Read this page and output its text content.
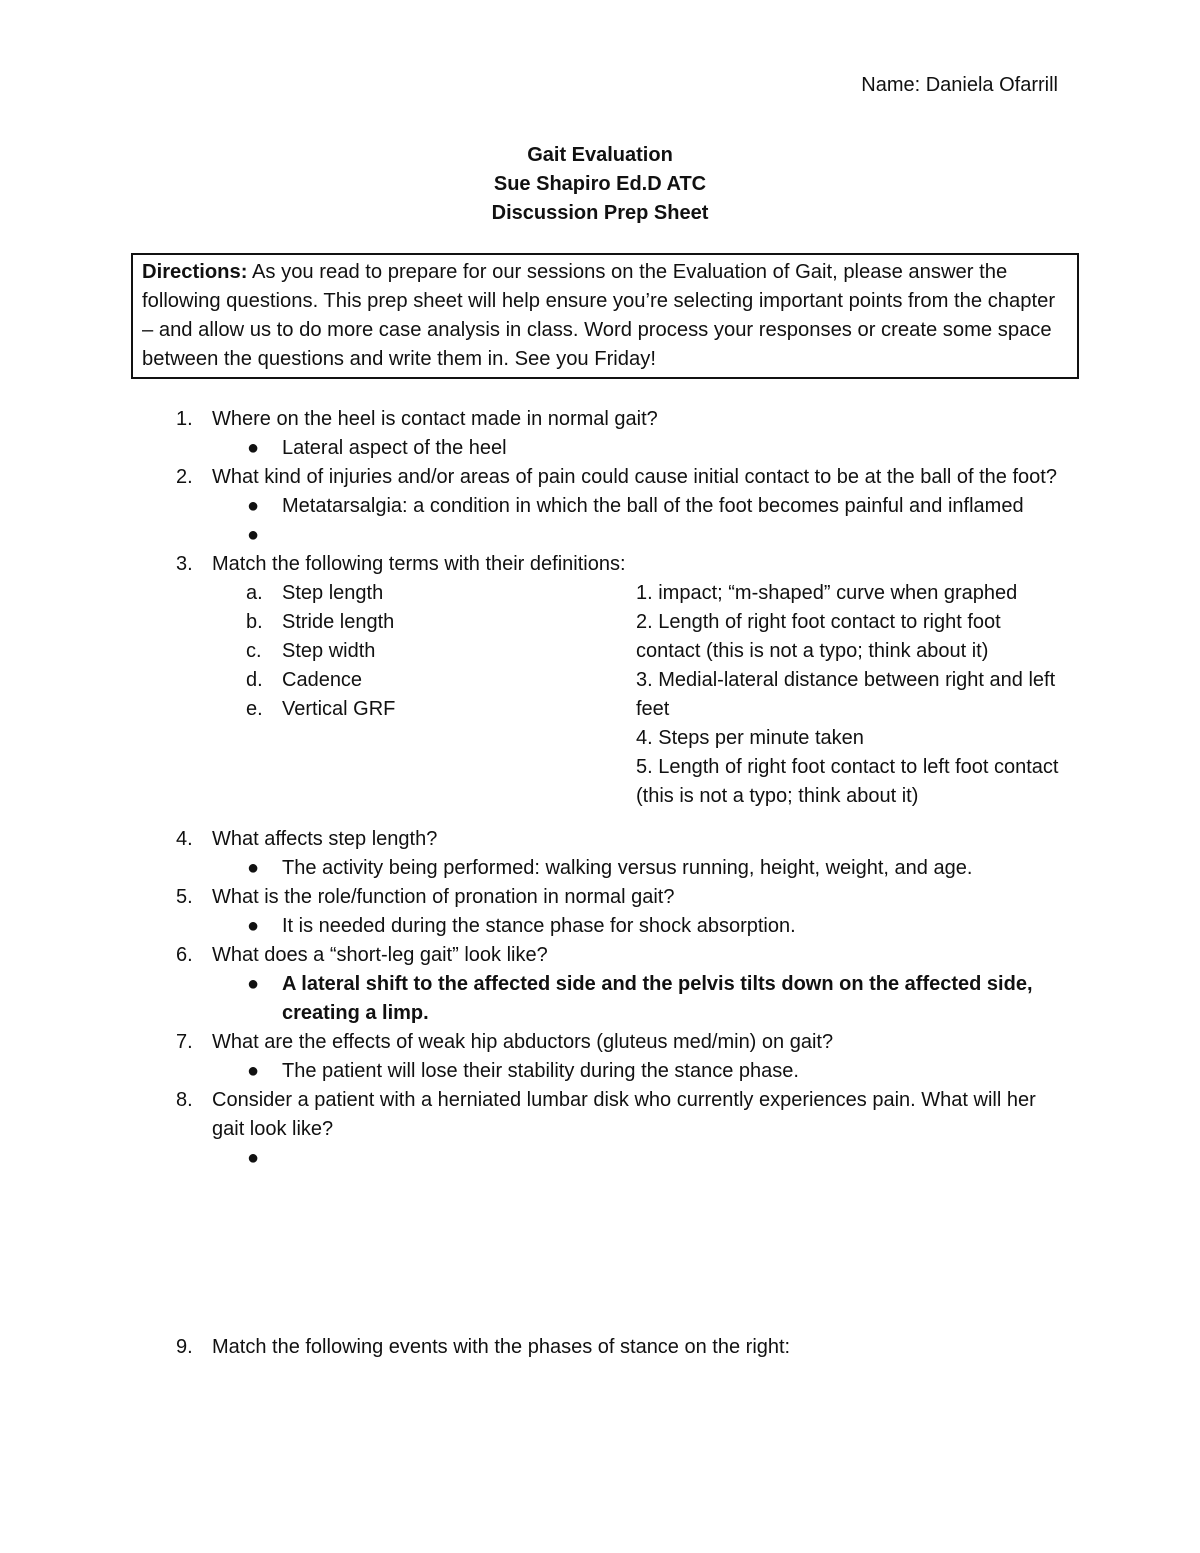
Name: Daniela Ofarrill
Gait Evaluation
Sue Shapiro Ed.D ATC
Discussion Prep Sheet
Directions: As you read to prepare for our sessions on the Evaluation of Gait, please answer the following questions. This prep sheet will help ensure you’re selecting important points from the chapter – and allow us to do more case analysis in class. Word process your responses or create some space between the questions and write them in. See you Friday!
1. Where on the heel is contact made in normal gait?
● Lateral aspect of the heel
2. What kind of injuries and/or areas of pain could cause initial contact to be at the ball of the foot?
● Metatarsalgia: a condition in which the ball of the foot becomes painful and inflamed
●

3. Match the following terms with their definitions:
a. Step length
b. Stride length
c. Step width
d. Cadence
e. Vertical GRF
1. impact; “m-shaped” curve when graphed
2. Length of right foot contact to right foot contact (this is not a typo; think about it)
3. Medial-lateral distance between right and left feet
4. Steps per minute taken
5. Length of right foot contact to left foot contact (this is not a typo; think about it)
4. What affects step length?
● The activity being performed: walking versus running, height, weight, and age.
5. What is the role/function of pronation in normal gait?
● It is needed during the stance phase for shock absorption.
6. What does a “short-leg gait” look like?
● A lateral shift to the affected side and the pelvis tilts down on the affected side, creating a limp.
7. What are the effects of weak hip abductors (gluteus med/min) on gait?
● The patient will lose their stability during the stance phase.
8. Consider a patient with a herniated lumbar disk who currently experiences pain. What will her gait look like?
●

9. Match the following events with the phases of stance on the right:
